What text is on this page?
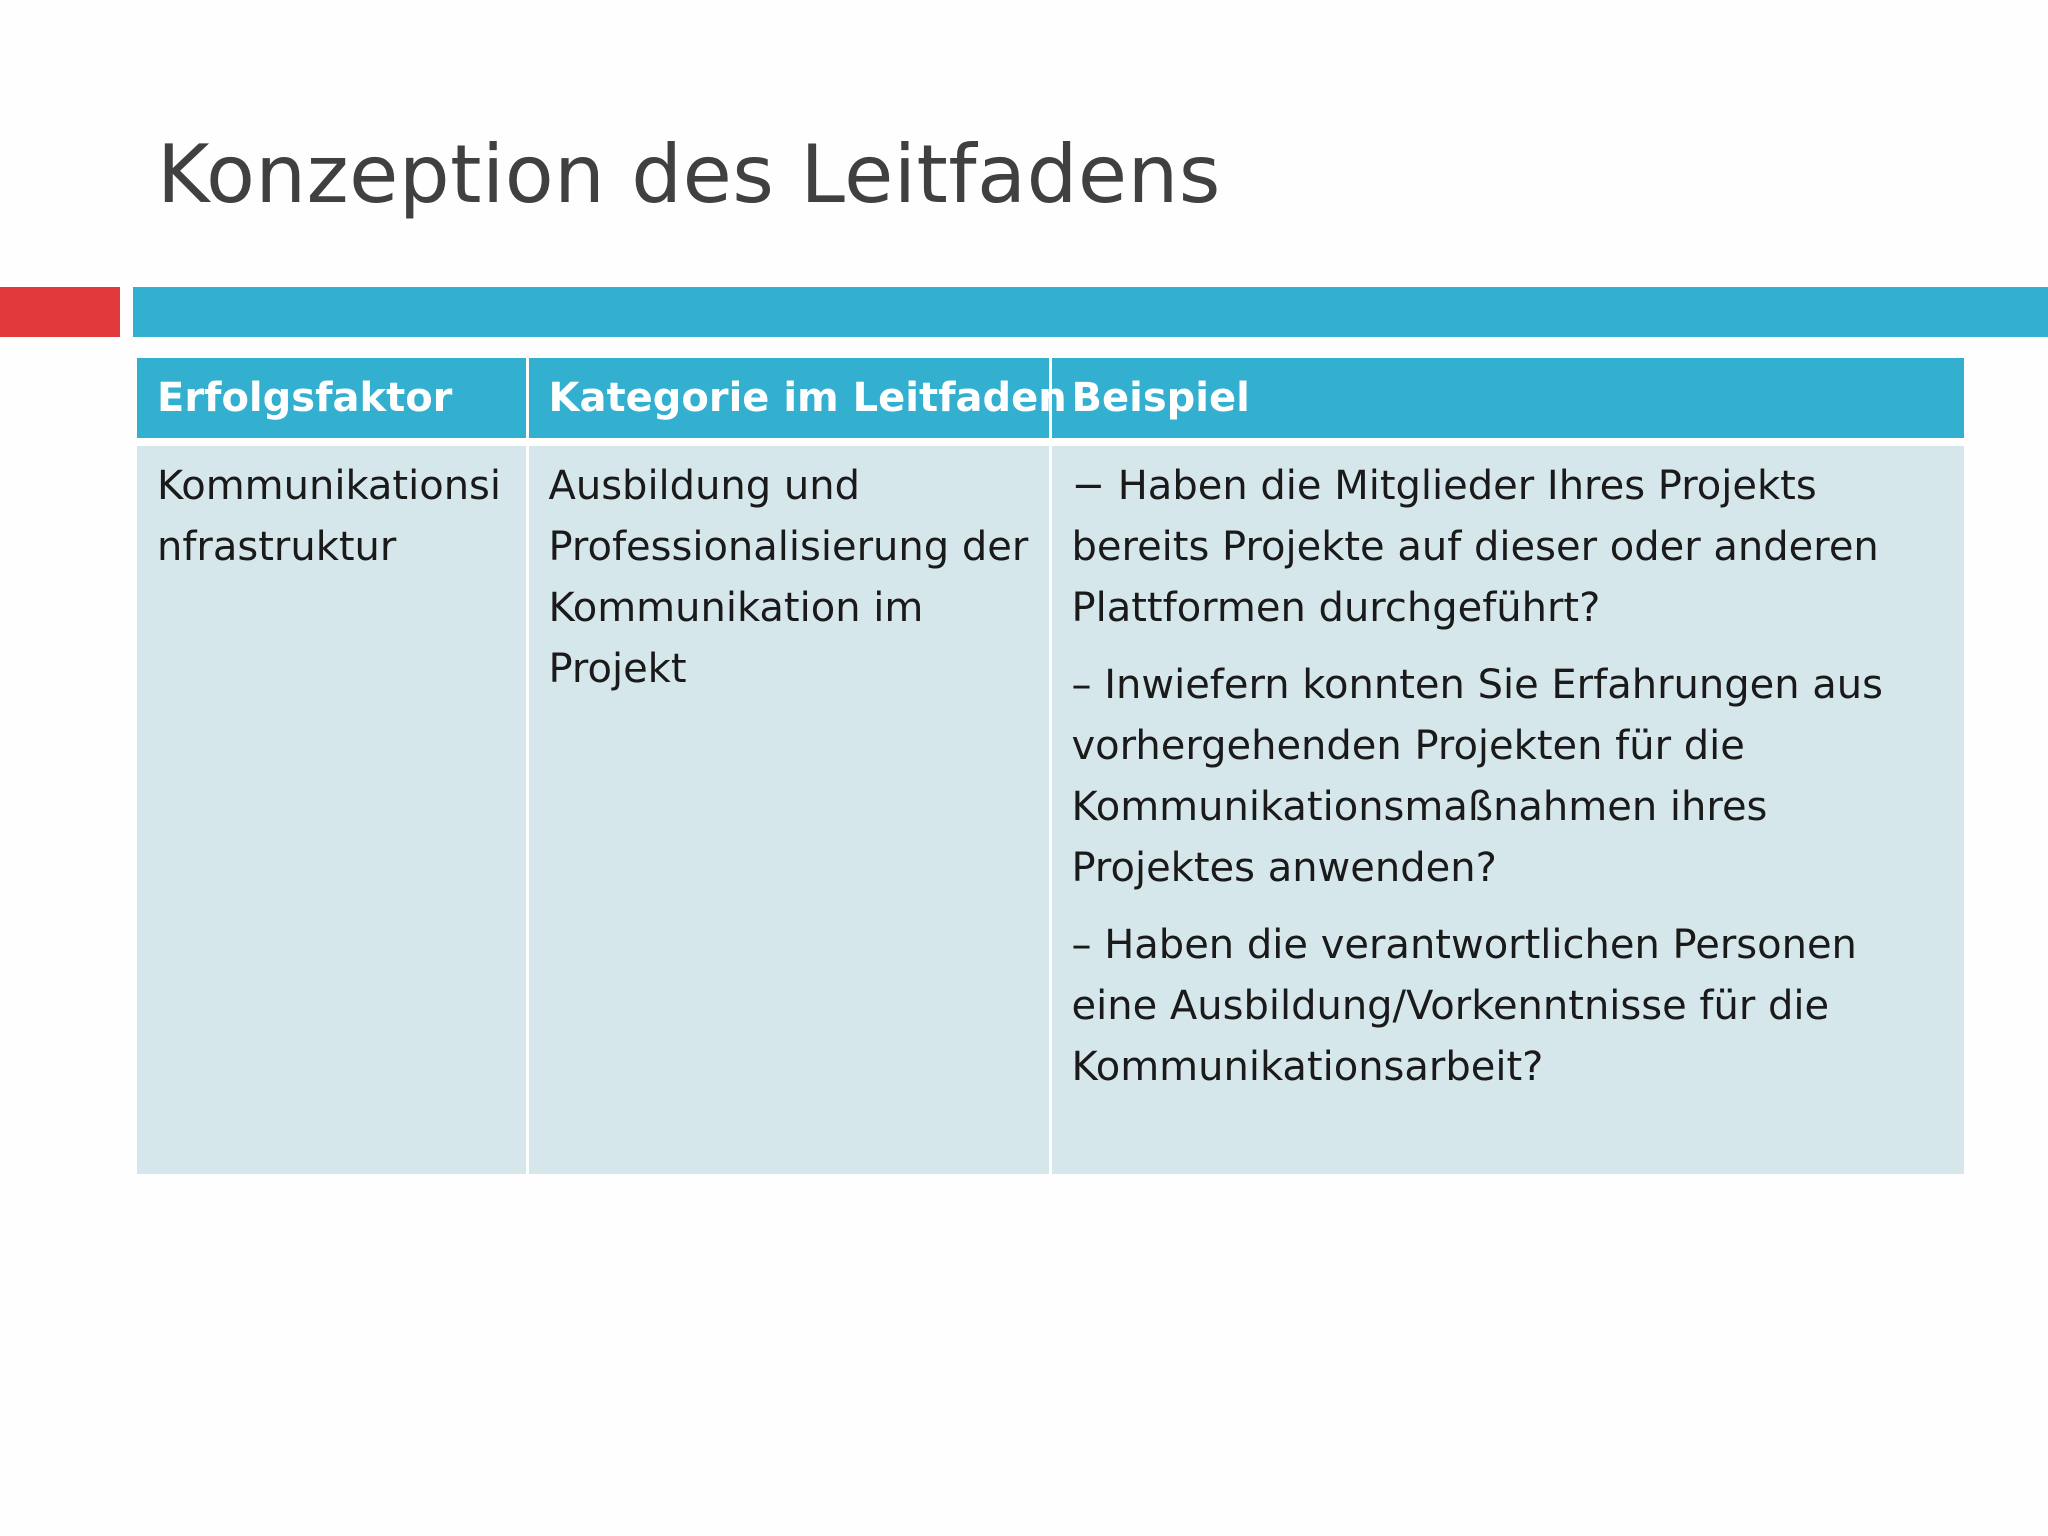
Konzeption des Leitfadens
Erfolgsfaktor	Kategorie im Leitfaden	Beispiel

Kommunikationsinfrastruktur	Ausbildung und Professionalisierung der Kommunikation im Projekt	− Haben die Mitglieder Ihres Projekts bereits Projekte auf dieser oder anderen Plattformen durchgeführt?

– Inwiefern konnten Sie Erfahrungen aus vorhergehenden Projekten für die Kommunikationsmaßnahmen ihres Projektes anwenden?

– Haben die verantwortlichen Personen eine Ausbildung/Vorkenntnisse für die Kommunikationsarbeit?
